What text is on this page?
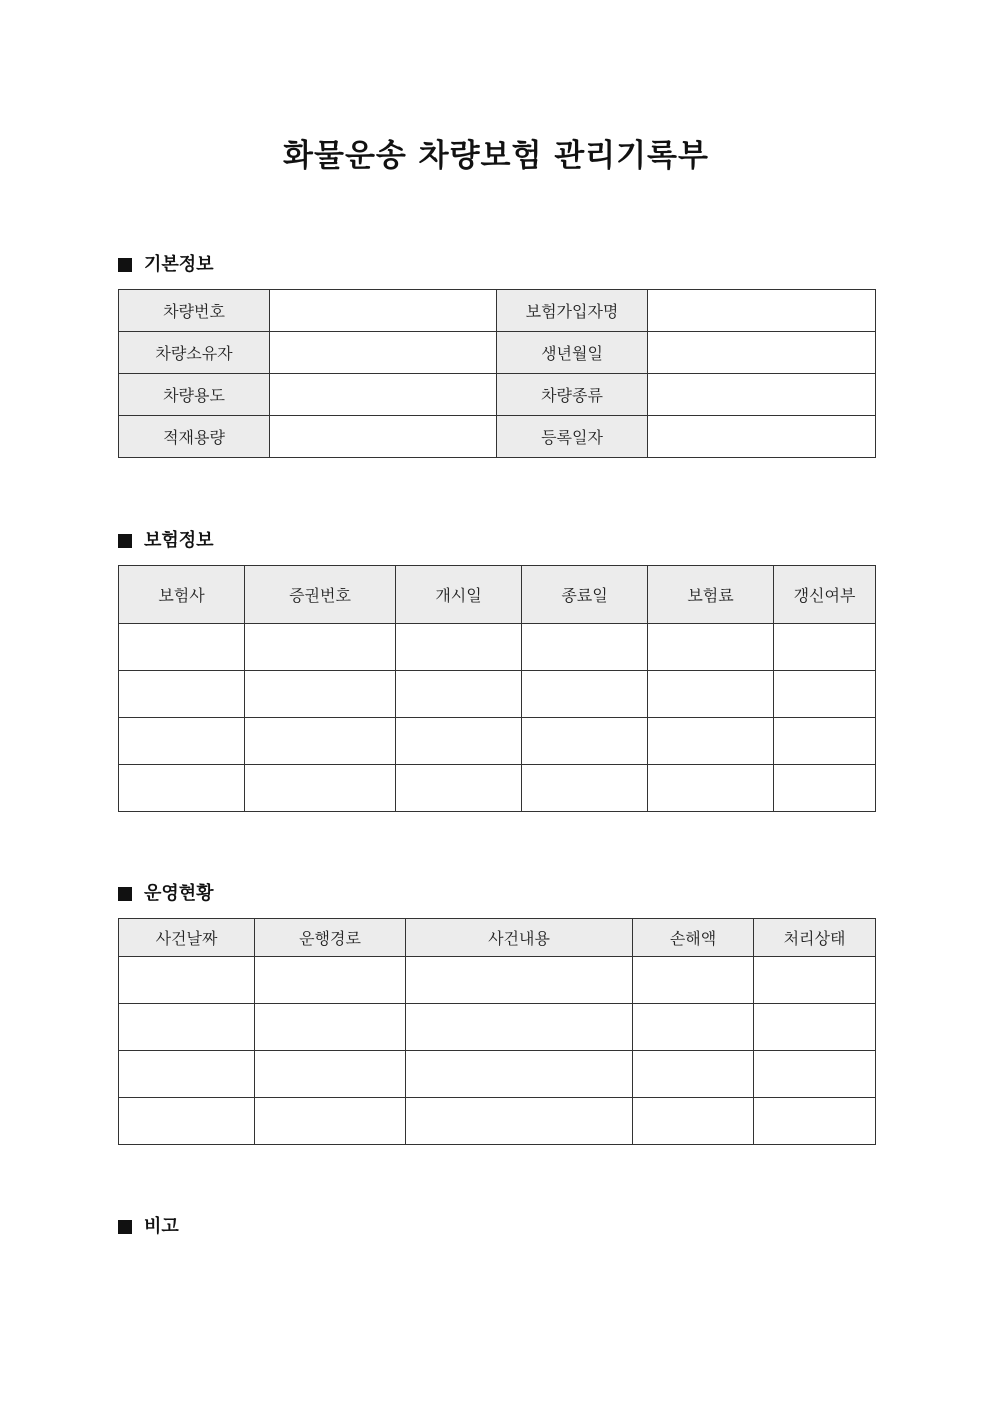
화물운송 차량보험 관리기록부
기본정보
차량번호		보험가입자명	
차량소유자		생년월일	
차량용도		차량종류	
적재용량		등록일자	
보험정보
보험사	증권번호	개시일	종료일	보험료	갱신여부

운영현황
사건날짜	운행경로	사건내용	손해액	처리상태

비고
